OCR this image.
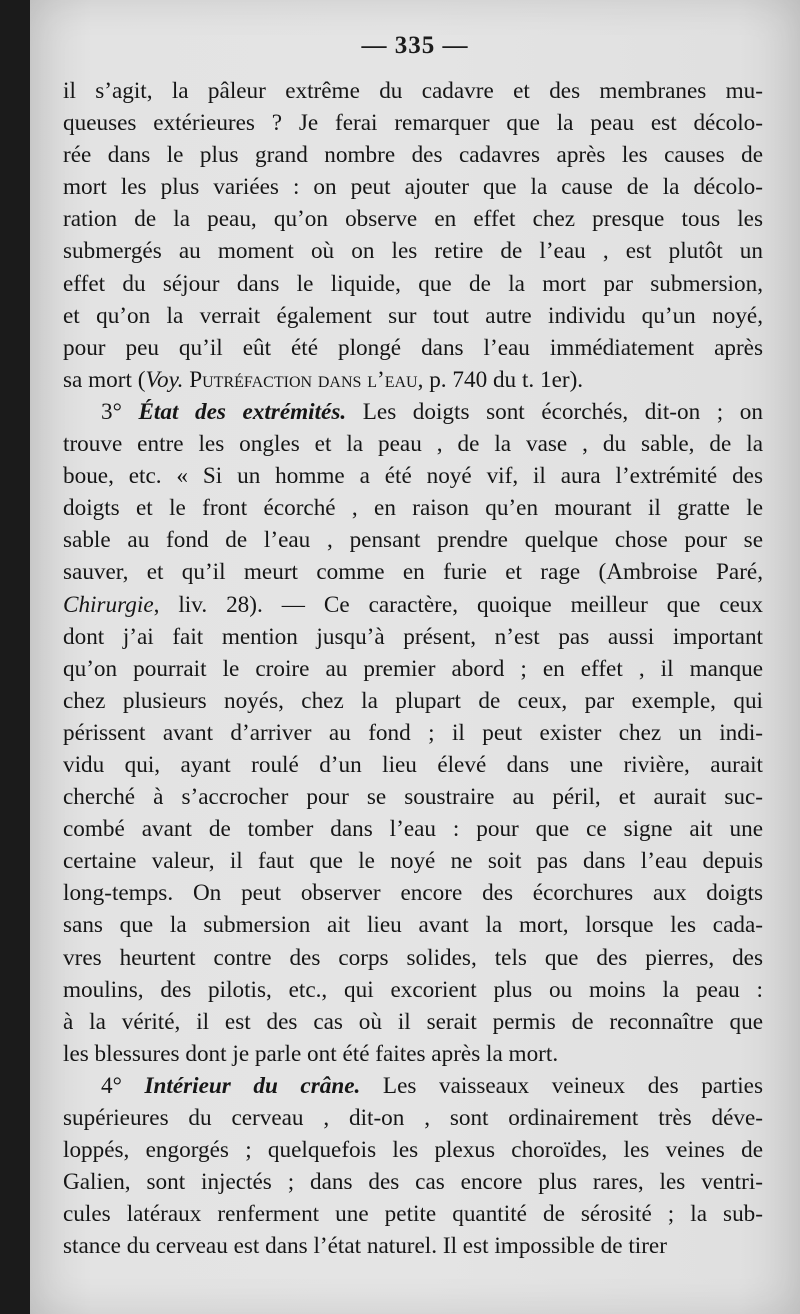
— 335 —
il s’agit, la pâleur extrême du cadavre et des membranes mu-
queuses extérieures ? Je ferai remarquer que la peau est décolo-
rée dans le plus grand nombre des cadavres après les causes de
mort les plus variées : on peut ajouter que la cause de la décolo-
ration de la peau, qu’on observe en effet chez presque tous les
submergés au moment où on les retire de l’eau , est plutôt un
effet du séjour dans le liquide, que de la mort par submersion,
et qu’on la verrait également sur tout autre individu qu’un noyé,
pour peu qu’il eût été plongé dans l’eau immédiatement après
sa mort (Voy. Putréfaction dans l’eau, p. 740 du t. 1er).
3° État des extrémités. Les doigts sont écorchés, dit-on ; on
trouve entre les ongles et la peau , de la vase , du sable, de la
boue, etc. « Si un homme a été noyé vif, il aura l’extrémité des
doigts et le front écorché , en raison qu’en mourant il gratte le
sable au fond de l’eau , pensant prendre quelque chose pour se
sauver, et qu’il meurt comme en furie et rage (Ambroise Paré,
Chirurgie, liv. 28). — Ce caractère, quoique meilleur que ceux
dont j’ai fait mention jusqu’à présent, n’est pas aussi important
qu’on pourrait le croire au premier abord ; en effet , il manque
chez plusieurs noyés, chez la plupart de ceux, par exemple, qui
périssent avant d’arriver au fond ; il peut exister chez un indi-
vidu qui, ayant roulé d’un lieu élevé dans une rivière, aurait
cherché à s’accrocher pour se soustraire au péril, et aurait suc-
combé avant de tomber dans l’eau : pour que ce signe ait une
certaine valeur, il faut que le noyé ne soit pas dans l’eau depuis
long-temps. On peut observer encore des écorchures aux doigts
sans que la submersion ait lieu avant la mort, lorsque les cada-
vres heurtent contre des corps solides, tels que des pierres, des
moulins, des pilotis, etc., qui excorient plus ou moins la peau :
à la vérité, il est des cas où il serait permis de reconnaître que
les blessures dont je parle ont été faites après la mort.
4° Intérieur du crâne. Les vaisseaux veineux des parties
supérieures du cerveau , dit-on , sont ordinairement très déve-
loppés, engorgés ; quelquefois les plexus choroïdes, les veines de
Galien, sont injectés ; dans des cas encore plus rares, les ventri-
cules latéraux renferment une petite quantité de sérosité ; la sub-
stance du cerveau est dans l’état naturel. Il est impossible de tirer
